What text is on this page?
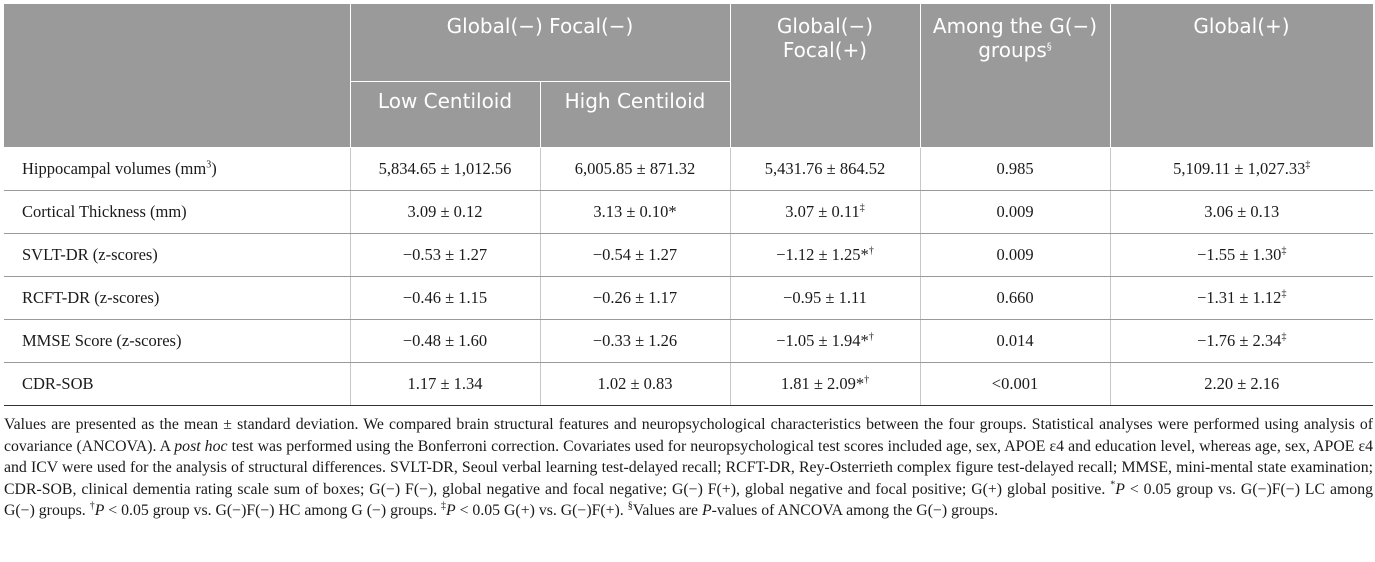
	Global(−) Focal(−)		Global(−) Focal(+)	Among the G(−) groups§	Global(+)
	Low Centiloid	High Centiloid			
Hippocampal volumes $(mm^3)$	5,834.65 ± 1,012.56	6,005.85 ± 871.32	5,431.76 ± 864.52	0.985	5,109.11 ± 1,027.33‡
Cortical Thickness (mm)	3.09 ± 0.12	3.13 ± 0.10*	3.07 ± 0.11‡	0.009	3.06 ± 0.13
SVLT-DR (z-scores)	−0.53 ± 1.27	−0.54 ± 1.27	−1.12 ± 1.25*†	0.009	−1.55 ± 1.30‡
RCFT-DR (z-scores)	−0.46 ± 1.15	−0.26 ± 1.17	−0.95 ± 1.11	0.660	−1.31 ± 1.12‡
MMSE Score (z-scores)	−0.48 ± 1.60	−0.33 ± 1.26	−1.05 ± 1.94*†	0.014	−1.76 ± 2.34‡
CDR-SOB	1.17 ± 1.34	1.02 ± 0.83	1.81 ± 2.09*†	<0.001	2.20 ± 2.16
Values are presented as the mean ± standard deviation. We compared brain structural features and neuropsychological characteristics between the four groups. Statistical analyses were performed using analysis of covariance (ANCOVA). A post hoc test was performed using the Bonferroni correction. Covariates used for neuropsychological test scores included age, sex, APOE ε4 and education level, whereas age, sex, APOE ε4 and ICV were used for the analysis of structural differences. SVLT-DR, Seoul verbal learning test-delayed recall; RCFT-DR, Rey-Osterrieth complex figure test-delayed recall; MMSE, mini-mental state examination; CDR-SOB, clinical dementia rating scale sum of boxes; G(−) F(−), global negative and focal negative; G(−) F(+), global negative and focal positive; G(+) global positive. *P < 0.05 group vs. G(−)F(−) LC among G(−) groups. †P < 0.05 group vs. G(−)F(−) HC among G (−) groups. ‡P < 0.05 G(+) vs. G(−)F(+). §Values are P-values of ANCOVA among the G(−) groups.
